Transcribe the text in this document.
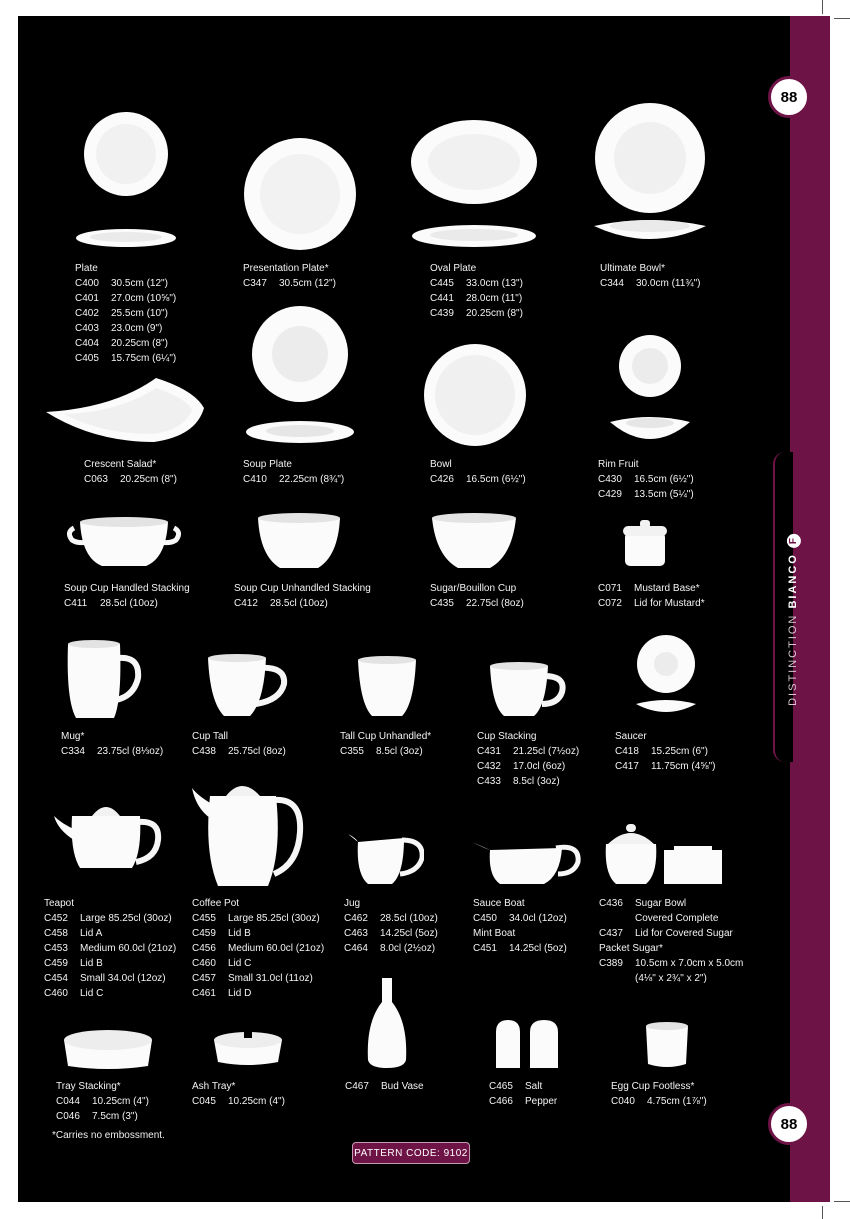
DISTINCTION BIANCO F
88
88
Plate
C400 30.5cm (12")
C401 27.0cm (10⅝")
C402 25.5cm (10")
C403 23.0cm (9")
C404 20.25cm (8")
C405 15.75cm (6¼")
Presentation Plate*
C347 30.5cm (12")
Oval Plate
C445 33.0cm (13")
C441 28.0cm (11")
C439 20.25cm (8")
Ultimate Bowl*
C344 30.0cm (11¾")
Crescent Salad*
C063 20.25cm (8")
Soup Plate
C410 22.25cm (8¾")
Bowl
C426 16.5cm (6½")
Rim Fruit
C430 16.5cm (6½")
C429 13.5cm (5¼")
Soup Cup Handled Stacking
C411 28.5cl (10oz)
Soup Cup Unhandled Stacking
C412 28.5cl (10oz)
Sugar/Bouillon Cup
C435 22.75cl (8oz)
C071 Mustard Base*
C072 Lid for Mustard*
Mug*
C334 23.75cl (8⅓oz)
Cup Tall
C438 25.75cl (8oz)
Tall Cup Unhandled*
C355 8.5cl (3oz)
Cup Stacking
C431 21.25cl (7½oz)
C432 17.0cl (6oz)
C433 8.5cl (3oz)
Saucer
C418 15.25cm (6")
C417 11.75cm (4⅝")
Teapot
C452 Large 85.25cl (30oz)
C458 Lid A
C453 Medium 60.0cl (21oz)
C459 Lid B
C454 Small 34.0cl (12oz)
C460 Lid C
Coffee Pot
C455 Large 85.25cl (30oz)
C459 Lid B
C456 Medium 60.0cl (21oz)
C460 Lid C
C457 Small 31.0cl (11oz)
C461 Lid D
Jug
C462 28.5cl (10oz)
C463 14.25cl (5oz)
C464 8.0cl (2½oz)
Sauce Boat
C450 34.0cl (12oz)
Mint Boat
C451 14.25cl (5oz)
C436 Sugar Bowl
Covered Complete
C437 Lid for Covered Sugar
Packet Sugar*
C389 10.5cm x 7.0cm x 5.0cm
(4⅛" x 2¾" x 2")
Tray Stacking*
C044 10.25cm (4")
C046 7.5cm (3")
Ash Tray*
C045 10.25cm (4")
C467 Bud Vase	C465 Salt
C466 Pepper
Egg Cup Footless*
C040 4.75cm (1⅞")
*Carries no embossment.
PATTERN CODE: 9102
